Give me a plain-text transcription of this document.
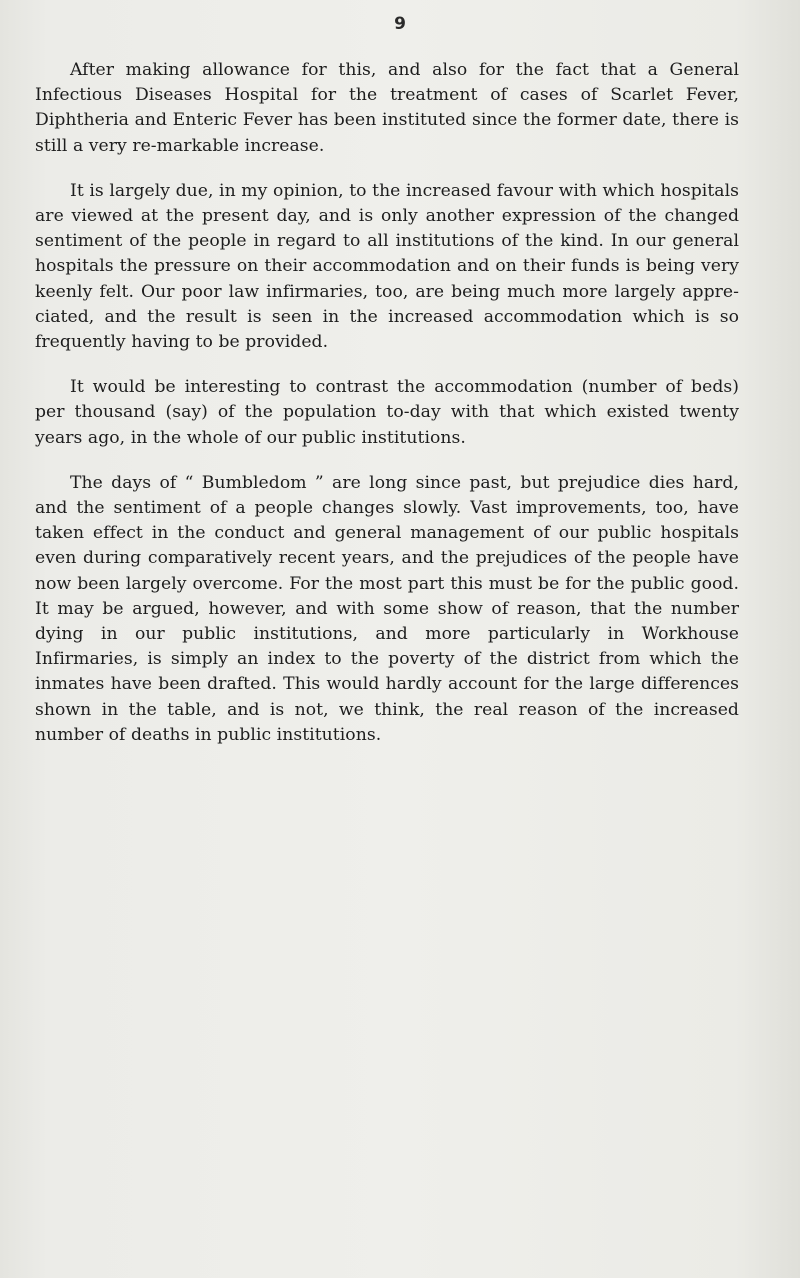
9

After making allowance for this, and also for the fact that a General Infectious Diseases Hospital for the treatment of cases of Scarlet Fever, Diphtheria and Enteric Fever has been instituted since the former date, there is still a very re-markable increase.

It is largely due, in my opinion, to the increased favour with which hospitals are viewed at the present day, and is only another expression of the changed sentiment of the people in regard to all institutions of the kind. In our general hospitals the pressure on their accommodation and on their funds is being very keenly felt. Our poor law infirmaries, too, are being much more largely appre-ciated, and the result is seen in the increased accommodation which is so frequently having to be provided.

It would be interesting to contrast the accommodation (number of beds) per thousand (say) of the population to-day with that which existed twenty years ago, in the whole of our public institutions.

The days of “ Bumbledom ” are long since past, but prejudice dies hard, and the sentiment of a people changes slowly. Vast improvements, too, have taken effect in the conduct and general management of our public hospitals even during comparatively recent years, and the prejudices of the people have now been largely overcome. For the most part this must be for the public good. It may be argued, however, and with some show of reason, that the number dying in our public institutions, and more particularly in Workhouse Infirmaries, is simply an index to the poverty of the district from which the inmates have been drafted. This would hardly account for the large differences shown in the table, and is not, we think, the real reason of the increased number of deaths in public institutions.
